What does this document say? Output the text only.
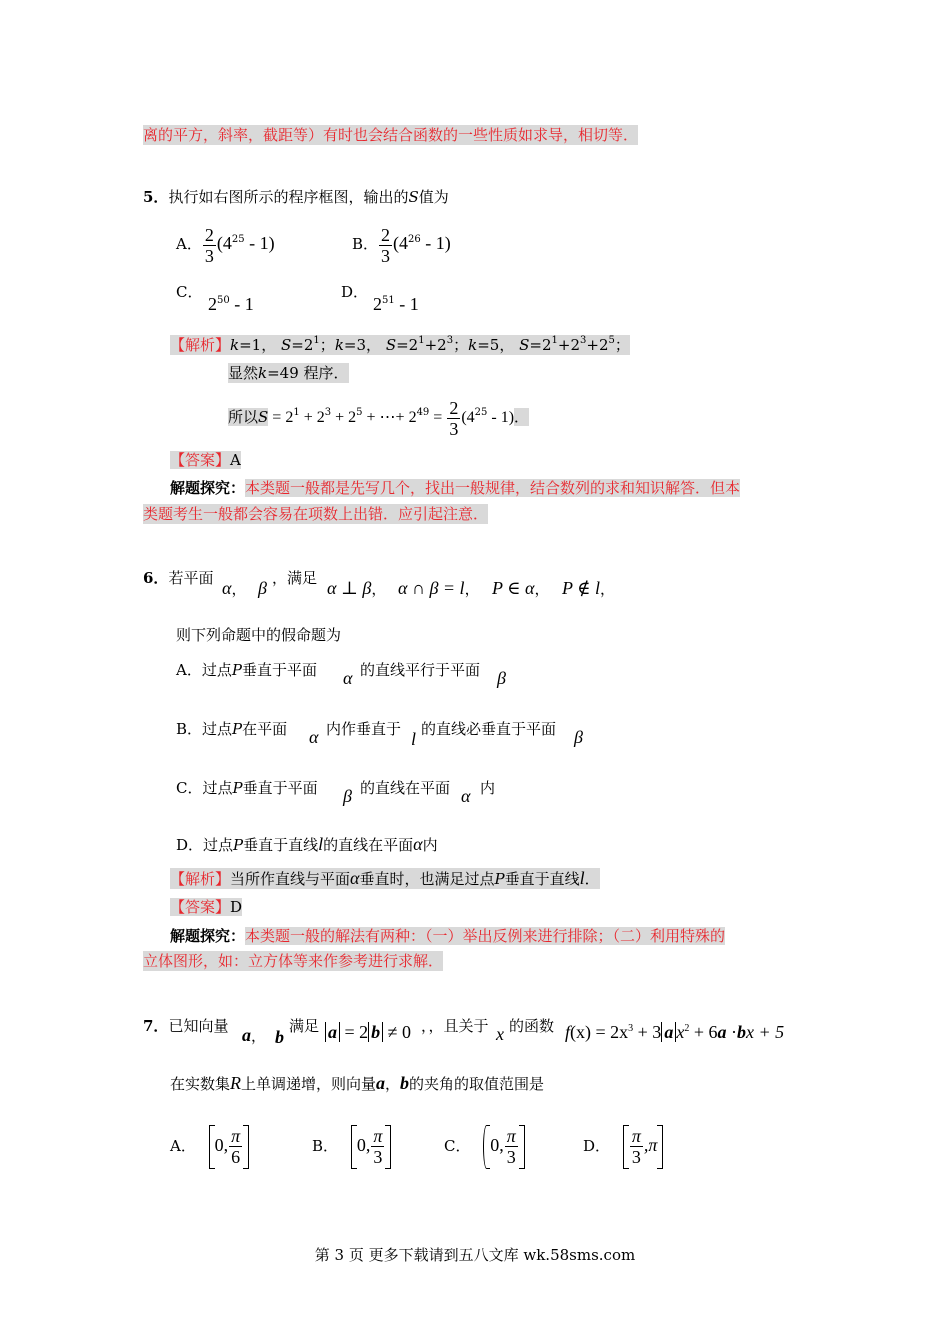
离的平方，斜率，截距等）有时也会结合函数的一些性质如求导，相切等．
5．执行如右图所示的程序框图，输出的S值为
A． $\frac{2}{3} (4^{25} - 1)$	B． $\frac{2}{3} (4^{26} - 1)$
C．
$2^{50} - 1$
D．
$2^{51} - 1$
【解析】k=1， $S=2^1$；k=3， $S=2^1+2^3$；k=5， $S=2^1+2^3+2^5$；
显然k=49 程序．
所以$S = 2^1 + 2^3 + 2^5$ + ⋯+ $2^{49} = \frac{2}{3} (4^{25} - 1)$．
【答案】A
解题探究：本类题一般都是先写几个，找出一般规律，结合数列的求和知识解答．但本
类题考生一般都会容易在项数上出错．应引起注意．
6．若平面 α， β ，满足 α ⊥ β， α ∩ β = l， P ∈ α， P ∉ l，
则下列命题中的假命题为
A．过点P垂直于平面 α 的直线平行于平面 β
B．过点P在平面 α 内作垂直于 l 的直线必垂直于平面 β
C．过点P垂直于平面 β 的直线在平面 α 内
D．过点P垂直于直线l的直线在平面α内
【解析】当所作直线与平面α垂直时，也满足过点P垂直于直线l．
【答案】D
解题探究：本类题一般的解法有两种：（一）举出反例来进行排除；（二）利用特殊的
立体图形，如：立方体等来作参考进行求解．
7．已知向量 a， b
满足 a = 2 b ≠ 0 ，，且关于 x 的函数 $f(x) = 2x^3 + 3$ a $x^2 + 6a \cdot bx + 5$
在实数集R上单调递增，则向量a，b的夹角的取值范围是
A． 0, $\frac{\pi}{6}$	B． 0, $\frac{\pi}{3}$	C． 0, $\frac{\pi}{3}$	D． $\frac{\pi}{3} ,\pi$
第 3 页 更多下载请到五八文库 wk.58sms.com
